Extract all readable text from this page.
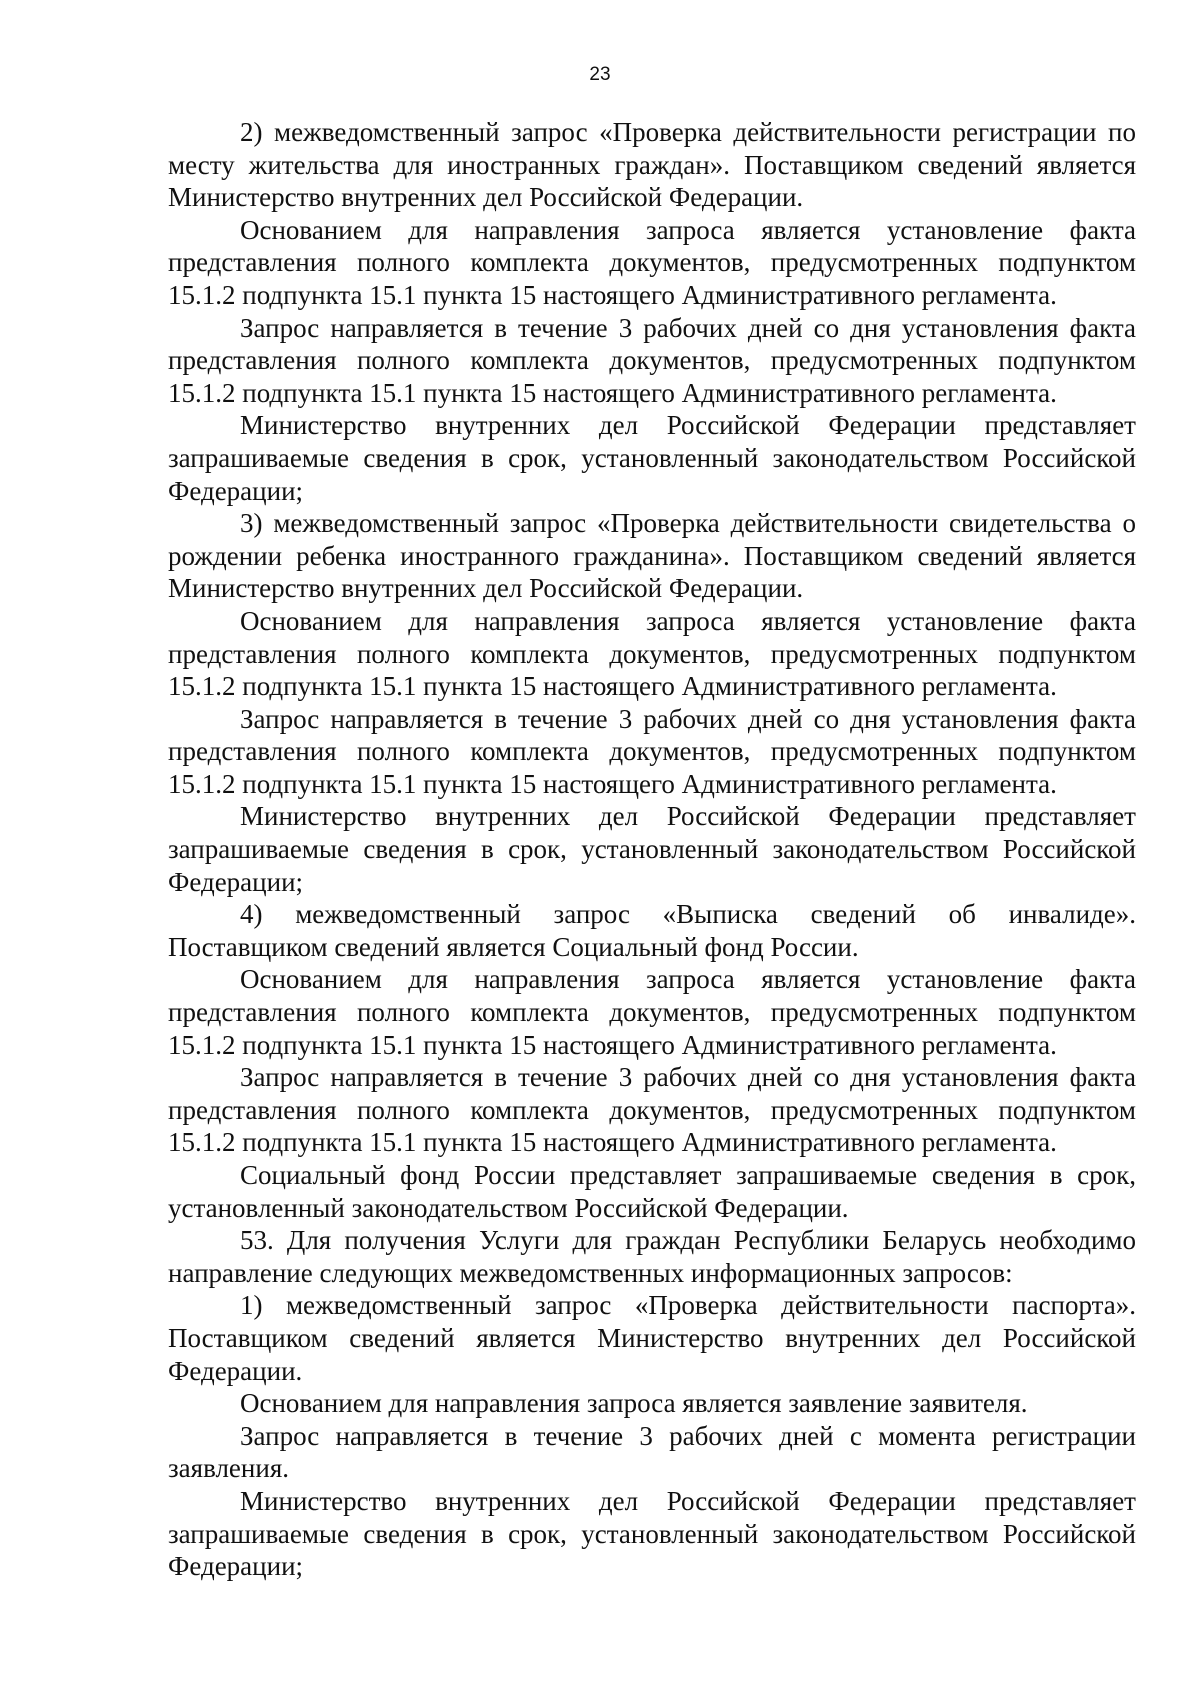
23

2) межведомственный запрос «Проверка действительности регистрации по месту жительства для иностранных граждан». Поставщиком сведений является Министерство внутренних дел Российской Федерации.

Основанием для направления запроса является установление факта представления полного комплекта документов, предусмотренных подпунктом 15.1.2 подпункта 15.1 пункта 15 настоящего Административного регламента.

Запрос направляется в течение 3 рабочих дней со дня установления факта представления полного комплекта документов, предусмотренных подпунктом 15.1.2 подпункта 15.1 пункта 15 настоящего Административного регламента.

Министерство внутренних дел Российской Федерации представляет запрашиваемые сведения в срок, установленный законодательством Российской Федерации;

3) межведомственный запрос «Проверка действительности свидетельства о рождении ребенка иностранного гражданина». Поставщиком сведений является Министерство внутренних дел Российской Федерации.

Основанием для направления запроса является установление факта представления полного комплекта документов, предусмотренных подпунктом 15.1.2 подпункта 15.1 пункта 15 настоящего Административного регламента.

Запрос направляется в течение 3 рабочих дней со дня установления факта представления полного комплекта документов, предусмотренных подпунктом 15.1.2 подпункта 15.1 пункта 15 настоящего Административного регламента.

Министерство внутренних дел Российской Федерации представляет запрашиваемые сведения в срок, установленный законодательством Российской Федерации;

4) межведомственный запрос «Выписка сведений об инвалиде». Поставщиком сведений является Социальный фонд России.

Основанием для направления запроса является установление факта представления полного комплекта документов, предусмотренных подпунктом 15.1.2 подпункта 15.1 пункта 15 настоящего Административного регламента.

Запрос направляется в течение 3 рабочих дней со дня установления факта представления полного комплекта документов, предусмотренных подпунктом 15.1.2 подпункта 15.1 пункта 15 настоящего Административного регламента.

Социальный фонд России представляет запрашиваемые сведения в срок, установленный законодательством Российской Федерации.

53. Для получения Услуги для граждан Республики Беларусь необходимо направление следующих межведомственных информационных запросов:

1) межведомственный запрос «Проверка действительности паспорта». Поставщиком сведений является Министерство внутренних дел Российской Федерации.

Основанием для направления запроса является заявление заявителя.

Запрос направляется в течение 3 рабочих дней с момента регистрации заявления.

Министерство внутренних дел Российской Федерации представляет запрашиваемые сведения в срок, установленный законодательством Российской Федерации;
